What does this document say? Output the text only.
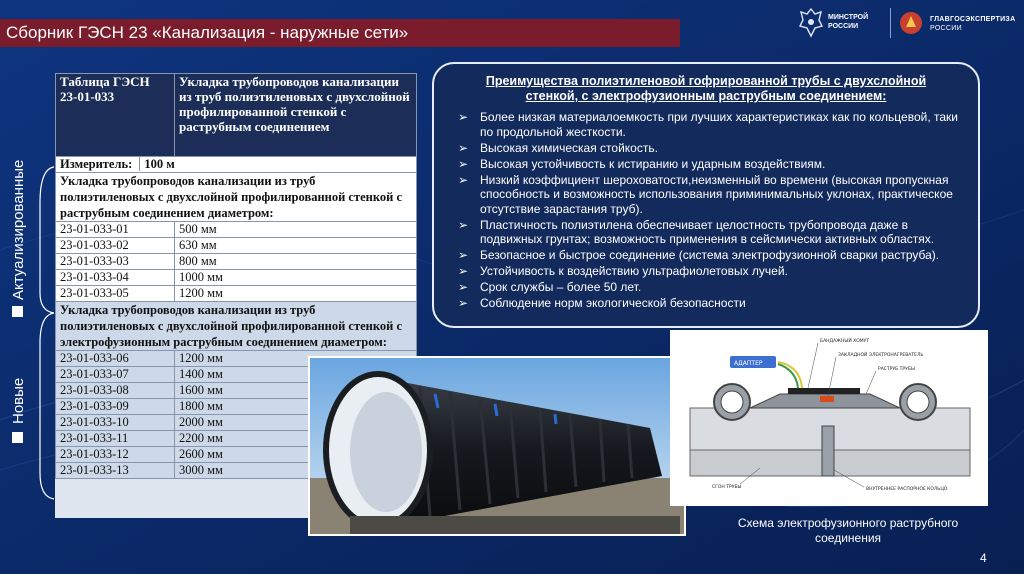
Сборник ГЭСН 23 «Канализация - наружные сети»
МИНСТРОЙ
РОССИИ
ГЛАВГОСЭКСПЕРТИЗА
РОССИИ
Актуализированные
Новые
Таблица ГЭСН 23-01-033	Укладка трубопроводов канализации из труб полиэтиленовых с двухслойной профилированной стенкой с раструбным соединением
Измеритель: 100 м	
Укладка трубопроводов канализации из труб полиэтиленовых с двухслойной профилированной стенкой с раструбным соединением диаметром:	
23-01-033-01	500 мм
23-01-033-02	630 мм
23-01-033-03	800 мм
23-01-033-04	1000 мм
23-01-033-05	1200 мм
Укладка трубопроводов канализации из труб полиэтиленовых с двухслойной профилированной стенкой с электрофузионным раструбным соединением диаметром:	
23-01-033-06	1200 мм
23-01-033-07	1400 мм
23-01-033-08	1600 мм
23-01-033-09	1800 мм
23-01-033-10	2000 мм
23-01-033-11	2200 мм
23-01-033-12	2600 мм
23-01-033-13	3000 мм
Преимущества полиэтиленовой гофрированной трубы с двухслойной стенкой, с электрофузионным раструбным соединением:
➢ Более низкая материалоемкость при лучших характеристиках как по кольцевой, таки по продольной жесткости.
➢ Высокая химическая стойкость.
➢ Высокая устойчивость к истиранию и ударным воздействиям.
➢ Низкий коэффициент шероховатости,неизменный во времени (высокая пропускная способность и возможность использования приминимальных уклонах, практическое отсутствие зарастания труб).
➢ Пластичность полиэтилена обеспечивает целостность трубопровода даже в подвижных грунтах; возможность применения в сейсмически активных областях.
➢ Безопасное и быстрое соединение (система электрофузионной сварки раструба).
➢ Устойчивость к воздействию ультрафиолетовых лучей.
➢ Срок службы – более 50 лет.
➢ Соблюдение норм экологической безопасности
АДАПТЕР
БАНДАЖНЫЙ ХОМУТ
ЗАКЛАДНОЙ ЭЛЕКТРОНАГРЕВАТЕЛЬ
РАСТРУБ ТРУБЫ
СГОН ТРУБЫ	ВНУТРЕННЕЕ РАСПОРНОЕ КОЛЬЦО
Схема электрофузионного раструбного соединения
4
